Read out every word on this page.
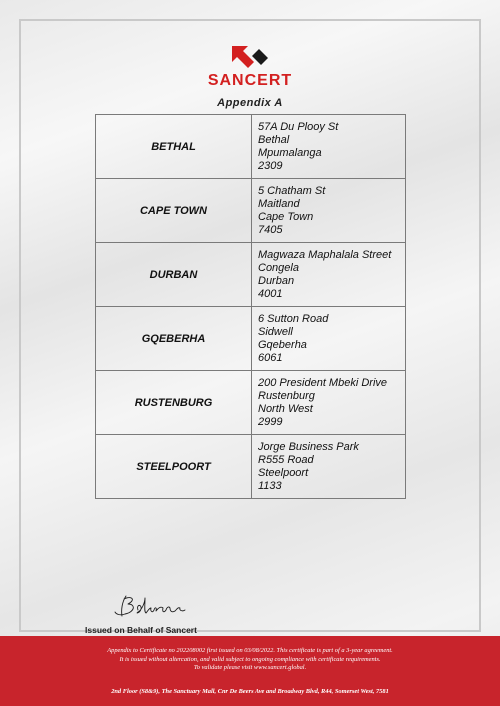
SANCERT
Appendix A
BETHAL	57A Du Plooy St
Bethal
Mpumalanga
2309

CAPE TOWN	5 Chatham St
Maitland
Cape Town
7405

DURBAN	Magwaza Maphalala Street
Congela
Durban
4001

GQEBERHA	6 Sutton Road
Sidwell
Gqeberha
6061

RUSTENBURG	200 President Mbeki Drive
Rustenburg
North West
2999

STEELPOORT	Jorge Business Park
R555 Road
Steelpoort
1133
Issued on Behalf of Sancert
Appendix to Certificate no 202208002 first issued on 03/08/2022. This certificate is part of a 3-year agreement.
It is issued without altercation, and valid subject to ongoing compliance with certificate requirements.
To validate please visit www.sancert.global.
2nd Floor (S8&9), The Sanctuary Mall, Cnr De Beers Ave and Broadway Blvd, R44, Somerset West, 7581
